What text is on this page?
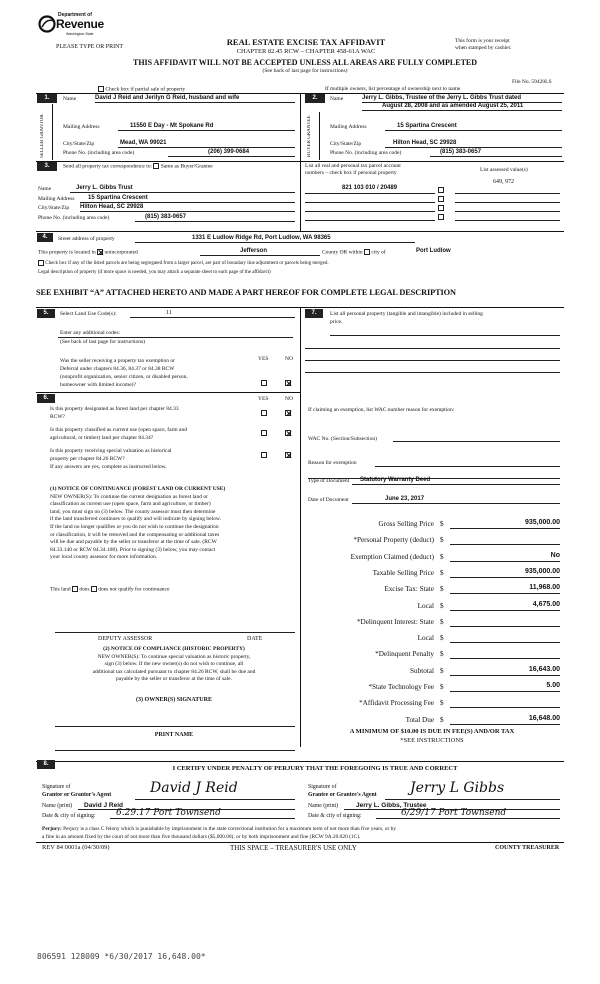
Department of
Revenue
Washington State
PLEASE TYPE OR PRINT	REAL ESTATE EXCISE TAX AFFIDAVIT
CHAPTER 82.45 RCW – CHAPTER 458-61A WAC
THIS AFFIDAVIT WILL NOT BE ACCEPTED UNLESS ALL AREAS ARE FULLY COMPLETED
(See back of last page for instructions)
This form is your receipt
when stamped by cashier.
File No. 59420LS
Check box if partial sale of property	If multiple owners, list percentage of ownership next to name
1.	Name	David J Reid and Jerilyn G Reid, husband and wife
SELLER GRANTOR	Mailing Address	11550 E Day - Mt Spokane Rd
City/State/Zip	Mead, WA 99021
Phone No. (including area code)	(206) 399-0684
2.	Name	Jerry L. Gibbs, Trustee of the Jerry L. Gibbs Trust dated
August 28, 2008 and as amended August 25, 2011
BUYER GRANTEE	Mailing Address	15 Spartina Crescent
City/State/Zip	Hilton Head, SC 29928
Phone No. (including area code)	(815) 383-0657
3.	Send all property tax correspondence to: Same as Buyer/Grantee	List all real and personal tax parcel account
numbers – check box if personal property	List assessed value(s)
Name	Jerry L. Gibbs Trust
Mailing Address	15 Spartina Crescent
City/State/Zip Hilton Head, SC 29928
Phone No. (including area code)	(815) 383-0657
821 103 010 / 20489
649, 972
4.	Street address of property	1331 E Ludlow Ridge Rd, Port Ludlow, WA 98365
This property is located in unincorporated	Jefferson	County OR within city of	Port Ludlow
Check box if any of the listed parcels are being segregated from a larger parcel, are part of boundary line adjustment or parcels being merged.
Legal description of property (if more space is needed, you may attach a separate sheet to each page of the affidavit)
SEE EXHIBIT “A” ATTACHED HERETO AND MADE A PART HEREOF FOR COMPLETE LEGAL DESCRIPTION
5.	Select Land Use Code(s):	11
Enter any additional codes:
(See back of last page for instructions)
YES	NO
Was the seller receiving a property tax exemption or
Deferral under chapters 84.36, 84.37 or 84.38 RCW
(nonprofit organization, senior citizen, or disabled person,
homeowner with limited income)?
6.	YES	NO
Is this property designated as forest land per chapter 84.33
RCW?
Is this property classified as current use (open space, farm and
agricultural, or timber) land per chapter 84.34?
Is this property receiving special valuation as historical
property per chapter 84.26 RCW?
If any answers are yes, complete as instructed below.
(1) NOTICE OF CONTINUANCE (FOREST LAND OR CURRENT USE)
NEW OWNER(S): To continue the current designation as forest land or
classification as current use (open space, farm and agriculture, or timber)
land, you must sign on (3) below. The county assessor must then determine
if the land transferred continues to qualify and will indicate by signing below.
If the land no longer qualifies or you do not wish to continue the designation
or classification, it will be removed and the compensating or additional taxes
will be due and payable by the seller or transferor at the time of sale. (RCW
84.33.140 or RCW 84.34.108). Prior to signing (3) below, you may contact
your local county assessor for more information.
This land does does not qualify for continuance
DEPUTY ASSESSOR	DATE
(2) NOTICE OF COMPLIANCE (HISTORIC PROPERTY)
NEW OWNER(S): To continue special valuation as historic property,
sign (3) below. If the new owner(s) do not wish to continue, all
additional tax calculated pursuant to chapter 84.26 RCW, shall be due and
payable by the seller or transferor at the time of sale.
(3) OWNER(S) SIGNATURE
PRINT NAME
7.	List all personal property (tangible and intangible) included in selling
price.
If claiming an exemption, list WAC number reason for exemption:
WAC No. (Section/Subsection)
Reason for exemption
Type of Document	Statutory Warranty Deed
Date of Document	June 23, 2017
Gross Selling Price $	935,000.00
*Personal Property (deduct) $
Exemption Claimed (deduct) $	No
Taxable Selling Price $	935,000.00
Excise Tax: State $	11,968.00
Local $	4,675.00
*Delinquent Interest: State $
Local $
*Delinquent Penalty $
Subtotal $	16,643.00
*State Technology Fee $	5.00
*Affidavit Processing Fee $
Total Due $	16,648.00
A MINIMUM OF $10.00 IS DUE IN FEE(S) AND/OR TAX
*SEE INSTRUCTIONS
8.
I CERTIFY UNDER PENALTY OF PERJURY THAT THE FOREGOING IS TRUE AND CORRECT
Signature of
Grantor or Grantor's Agent	David J Reid
Name (print)	David J Reid
Date & city of signing:	6.29.17 Port Townsend
Signature of
Grantee or Grantee's Agent Jerry L Gibbs
Name (print)	Jerry L. Gibbs, Trustee
Date & city of signing:	6/29/17 Port Townsend
Perjury: Perjury is a class C felony which is punishable by imprisonment in the state correctional institution for a maximum term of not more than five years, or by
a fine in an amount fixed by the court of not more than five thousand dollars ($5,000.00), or by both imprisonment and fine (RCW 9A.20.020 (1C).
REV 84 0001a (04/30/09)	THIS SPACE – TREASURER'S USE ONLY	COUNTY TREASURER
806591 128009 *6/30/2017 16,648.00*
